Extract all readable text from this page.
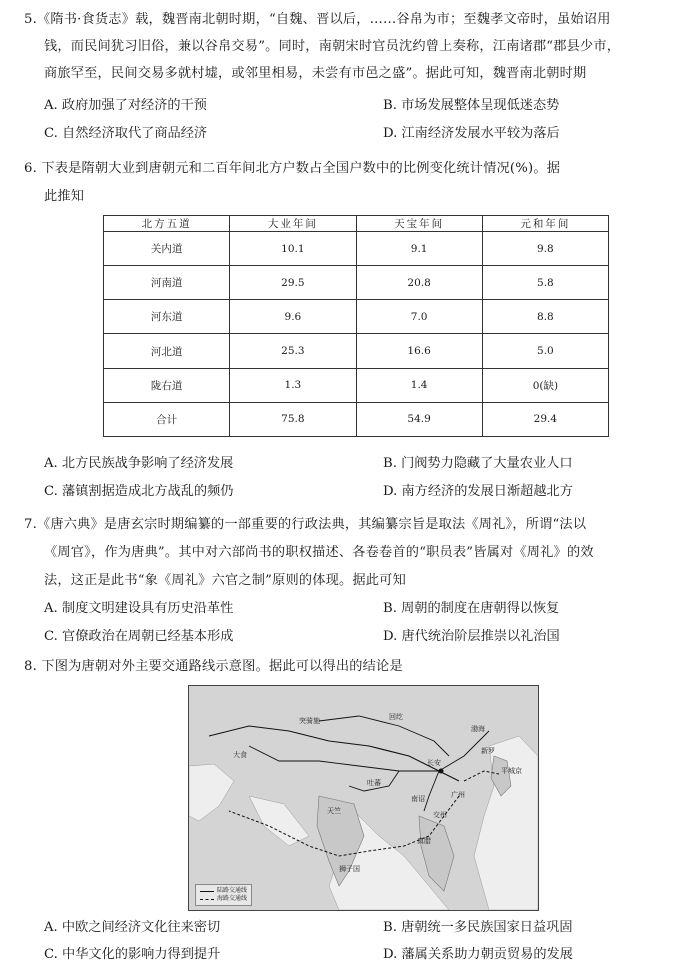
5.《隋书·食货志》载，魏晋南北朝时期，“自魏、晋以后，……谷帛为市；至魏孝文帝时，虽始诏用
钱，而民间犹习旧俗，兼以谷帛交易”。同时，南朝宋时官员沈约曾上奏称，江南诸郡“郡县少市，
商旅罕至，民间交易多就村墟，或邻里相易，未尝有市邑之盛”。据此可知，魏晋南北朝时期
A. 政府加强了对经济的干预	B. 市场发展整体呈现低迷态势
C. 自然经济取代了商品经济	D. 江南经济发展水平较为落后
6. 下表是隋朝大业到唐朝元和二百年间北方户数占全国户数中的比例变化统计情况(%)。据
此推知
北方五道	大业年间	天宝年间	元和年间
关内道	10.1	9.1	9.8
河南道	29.5	20.8	5.8
河东道	9.6	7.0	8.8
河北道	25.3	16.6	5.0
陇右道	1.3	1.4	0(缺)
合计	75.8	54.9	29.4
A. 北方民族战争影响了经济发展	B. 门阀势力隐藏了大量农业人口
C. 藩镇割据造成北方战乱的频仍	D. 南方经济的发展日渐超越北方
7.《唐六典》是唐玄宗时期编纂的一部重要的行政法典，其编纂宗旨是取法《周礼》，所谓“法以
《周官》，作为唐典”。其中对六部尚书的职权描述、各卷卷首的“职员表”皆属对《周礼》的效
法，这正是此书“象《周礼》六官之制”原则的体现。据此可知
A. 制度文明建设具有历史沿革性	B. 周朝的制度在唐朝得以恢复
C. 官僚政治在周朝已经基本形成	D. 唐代统治阶层推崇以礼治国
8. 下图为唐朝对外主要交通路线示意图。据此可以得出的结论是
大食
突骑施
吐蕃
天竺
长安
渤海
新罗
平城京
南诏
真腊
狮子国
广州
交州
回纥
陆路交通线
海路交通线
A. 中欧之间经济文化往来密切	B. 唐朝统一多民族国家日益巩固
C. 中华文化的影响力得到提升	D. 藩属关系助力朝贡贸易的发展
